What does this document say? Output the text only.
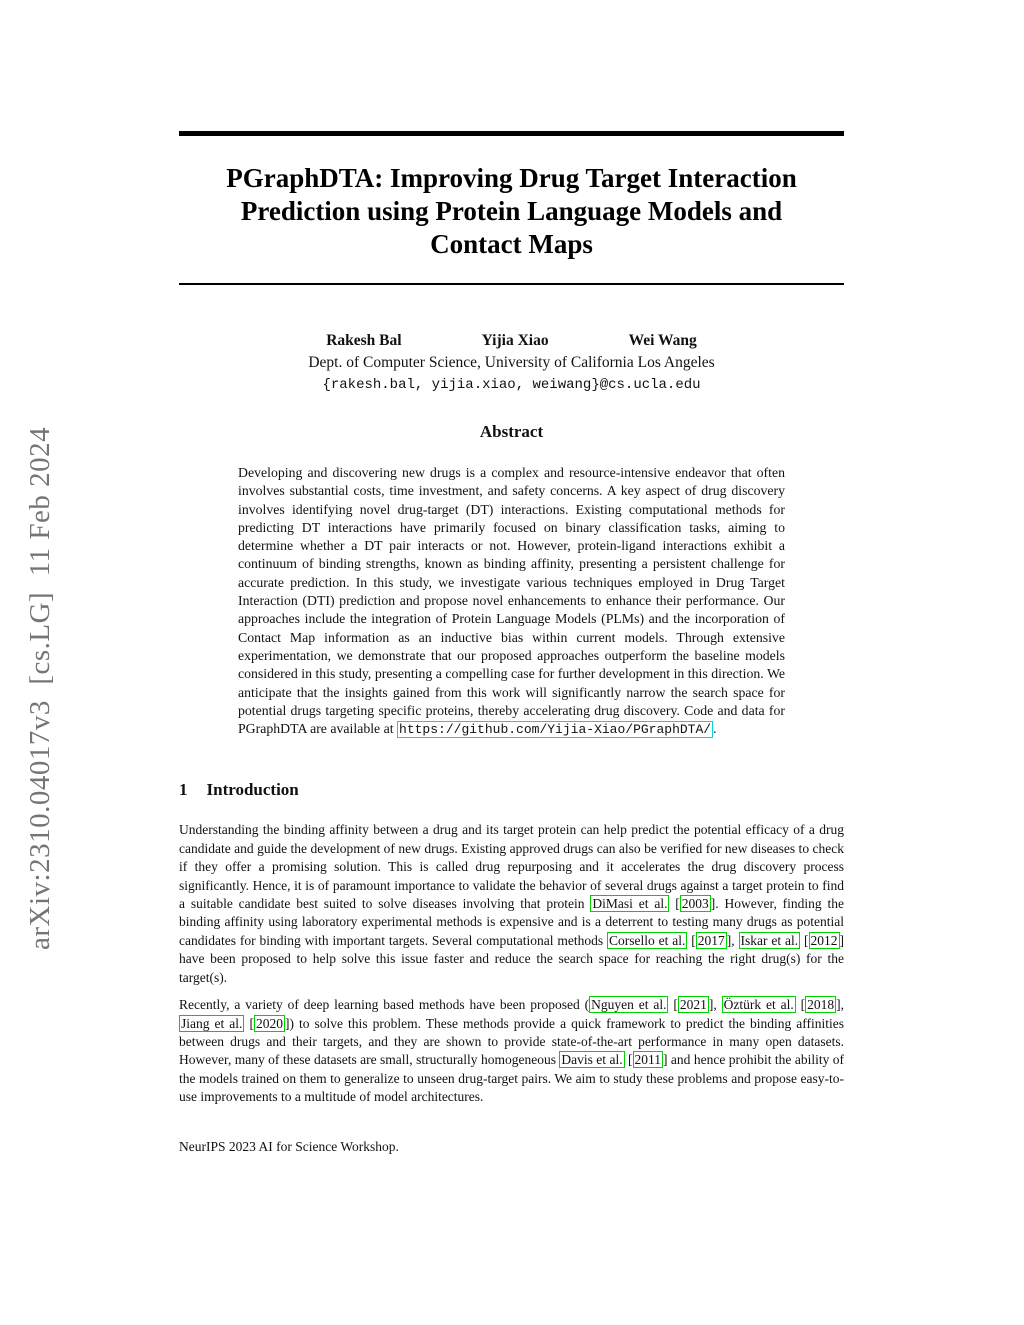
arXiv:2310.04017v3  [cs.LG]  11 Feb 2024
PGraphDTA: Improving Drug Target Interaction
Prediction using Protein Language Models and
Contact Maps
Rakesh Bal	Yijia Xiao	Wei Wang
Dept. of Computer Science, University of California Los Angeles
{rakesh.bal, yijia.xiao, weiwang}@cs.ucla.edu
Abstract
Developing and discovering new drugs is a complex and resource-intensive endeavor that often involves substantial costs, time investment, and safety concerns. A key aspect of drug discovery involves identifying novel drug-target (DT) interactions. Existing computational methods for predicting DT interactions have primarily focused on binary classification tasks, aiming to determine whether a DT pair interacts or not. However, protein-ligand interactions exhibit a continuum of binding strengths, known as binding affinity, presenting a persistent challenge for accurate prediction. In this study, we investigate various techniques employed in Drug Target Interaction (DTI) prediction and propose novel enhancements to enhance their performance. Our approaches include the integration of Protein Language Models (PLMs) and the incorporation of Contact Map information as an inductive bias within current models. Through extensive experimentation, we demonstrate that our proposed approaches outperform the baseline models considered in this study, presenting a compelling case for further development in this direction. We anticipate that the insights gained from this work will significantly narrow the search space for potential drugs targeting specific proteins, thereby accelerating drug discovery. Code and data for PGraphDTA are available at https://github.com/Yijia-Xiao/PGraphDTA/ .
1 Introduction
Understanding the binding affinity between a drug and its target protein can help predict the potential efficacy of a drug candidate and guide the development of new drugs. Existing approved drugs can also be verified for new diseases to check if they offer a promising solution. This is called drug repurposing and it accelerates the drug discovery process significantly. Hence, it is of paramount importance to validate the behavior of several drugs against a target protein to find a suitable candidate best suited to solve diseases involving that protein DiMasi et al. [ 2003 ]. However, finding the binding affinity using laboratory experimental methods is expensive and is a deterrent to testing many drugs as potential candidates for binding with important targets. Several computational methods Corsello et al. [ 2017 ], Iskar et al. [ 2012 ] have been proposed to help solve this issue faster and reduce the search space for reaching the right drug(s) for the target(s).
Recently, a variety of deep learning based methods have been proposed ( Nguyen et al. [ 2021 ], Öztürk et al. [ 2018 ], Jiang et al. [ 2020 ]) to solve this problem. These methods provide a quick framework to predict the binding affinities between drugs and their targets, and they are shown to provide state-of-the-art performance in many open datasets. However, many of these datasets are small, structurally homogeneous Davis et al. [ 2011 ] and hence prohibit the ability of the models trained on them to generalize to unseen drug-target pairs. We aim to study these problems and propose easy-to-use improvements to a multitude of model architectures.
NeurIPS 2023 AI for Science Workshop.
